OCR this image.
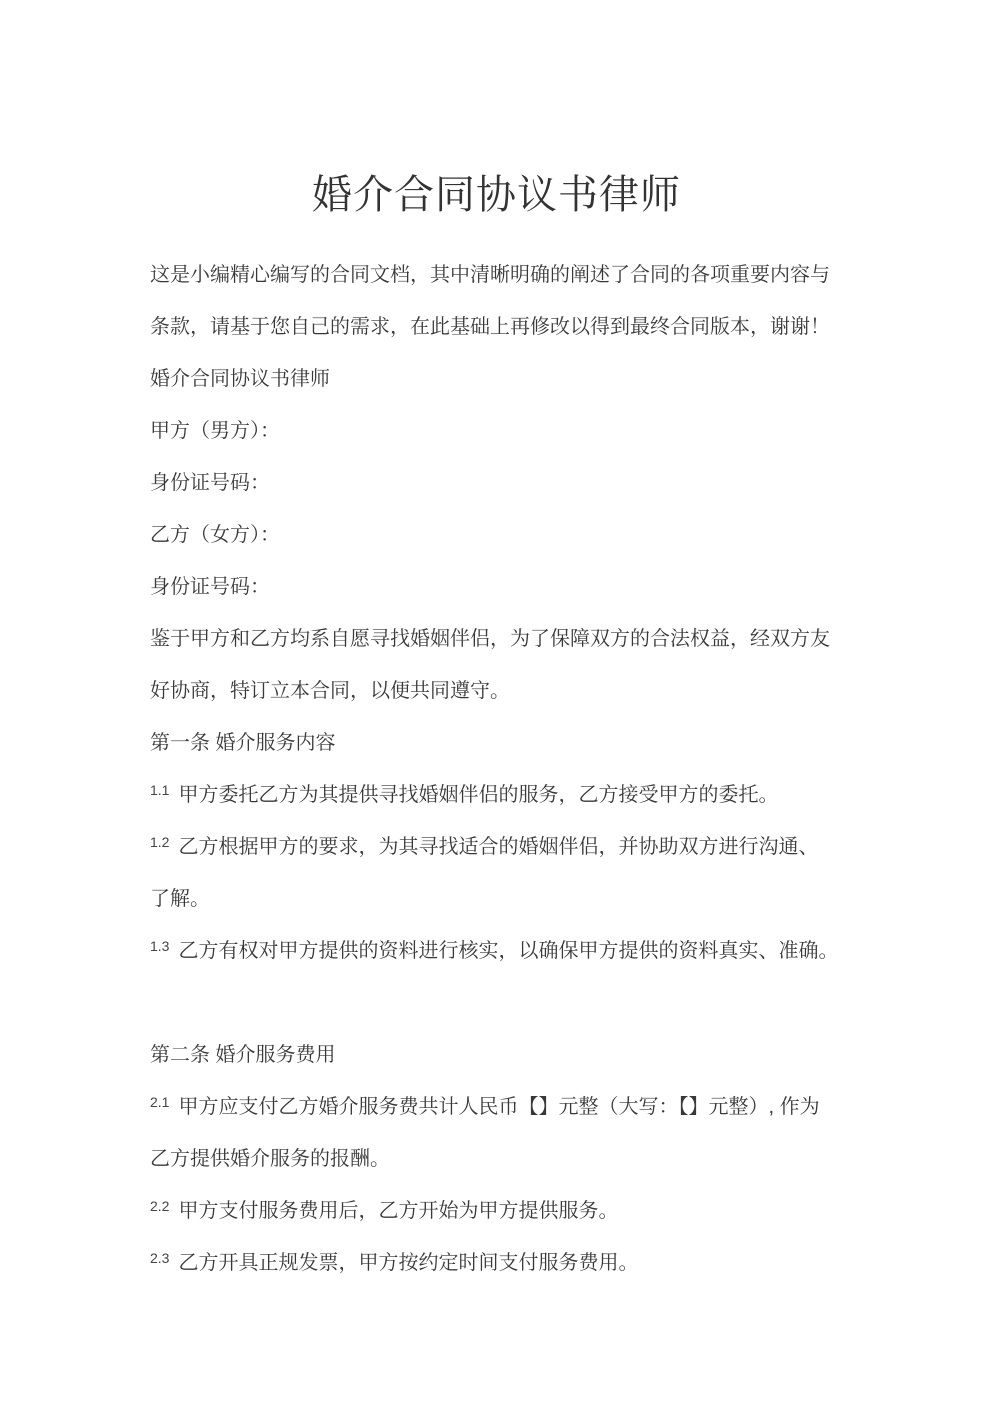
婚介合同协议书律师
这是小编精心编写的合同文档，其中清晰明确的阐述了合同的各项重要内容与
条款，请基于您自己的需求，在此基础上再修改以得到最终合同版本，谢谢！
婚介合同协议书律师
甲方（男方）：
身份证号码：
乙方（女方）：
身份证号码：
鉴于甲方和乙方均系自愿寻找婚姻伴侣，为了保障双方的合法权益，经双方友
好协商，特订立本合同，以便共同遵守。
第一条 婚介服务内容
1.1 甲方委托乙方为其提供寻找婚姻伴侣的服务，乙方接受甲方的委托。
1.2 乙方根据甲方的要求，为其寻找适合的婚姻伴侣，并协助双方进行沟通、
了解。
1.3 乙方有权对甲方提供的资料进行核实，以确保甲方提供的资料真实、准确。
第二条 婚介服务费用
2.1 甲方应支付乙方婚介服务费共计人民币【】元整（大写：【】元整）, 作为
乙方提供婚介服务的报酬。
2.2 甲方支付服务费用后，乙方开始为甲方提供服务。
2.3 乙方开具正规发票，甲方按约定时间支付服务费用。
